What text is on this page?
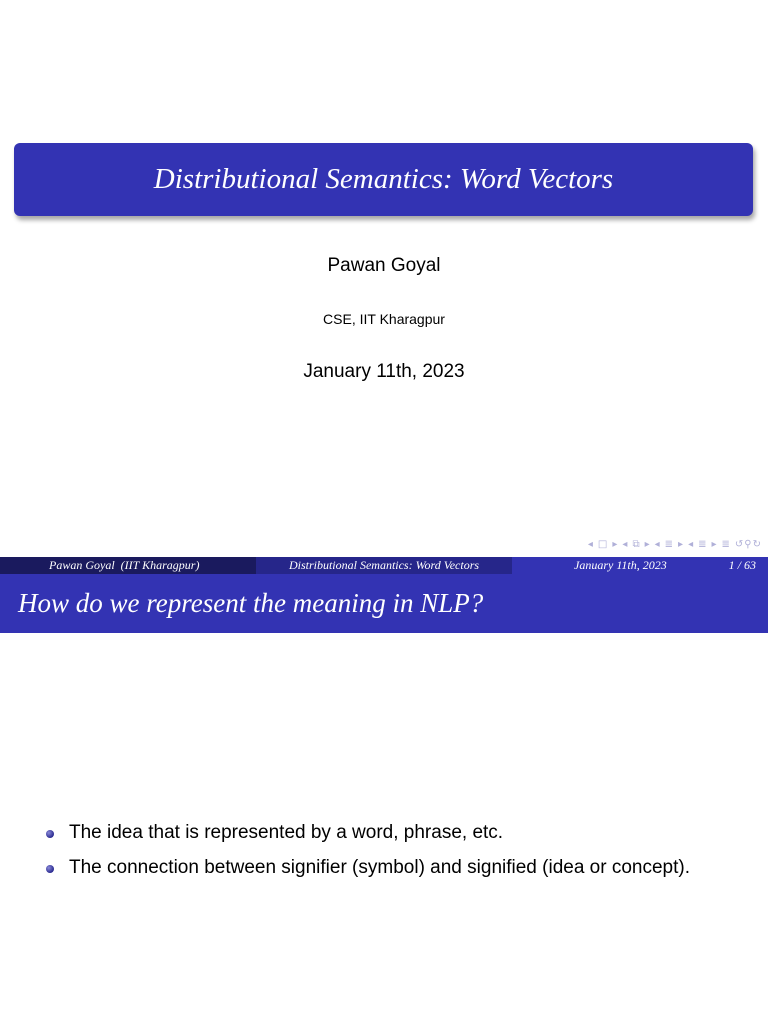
Distributional Semantics: Word Vectors
Pawan Goyal
CSE, IIT Kharagpur
January 11th, 2023
◂ □ ▸ ◂ ⧉ ▸ ◂ ≣ ▸ ◂ ≣ ▸ ≣ ↺⚲↻
Pawan Goyal  (IIT Kharagpur)	Distributional Semantics: Word Vectors	January 11th, 2023	1 / 63
How do we represent the meaning in NLP?
The idea that is represented by a word, phrase, etc.
The connection between signifier (symbol) and signified (idea or concept).
